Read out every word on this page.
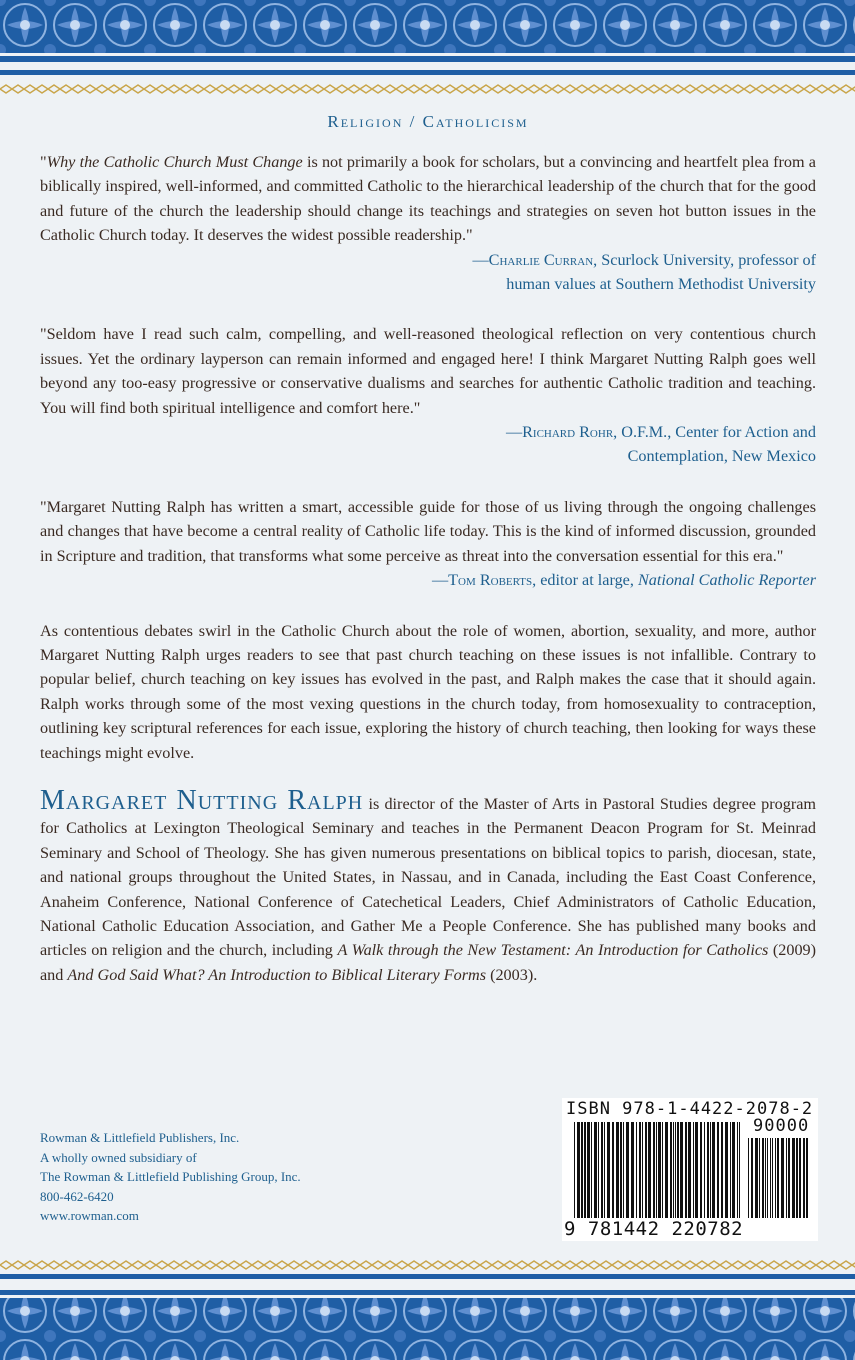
Religion / Catholicism

"Why the Catholic Church Must Change is not primarily a book for scholars, but a convincing and heartfelt plea from a biblically inspired, well-informed, and committed Catholic to the hierarchical leadership of the church that for the good and future of the church the leadership should change its teachings and strategies on seven hot button issues in the Catholic Church today. It deserves the widest possible readership."

—Charlie Curran, Scurlock University, professor of human values at Southern Methodist University

"Seldom have I read such calm, compelling, and well-reasoned theological reflection on very contentious church issues. Yet the ordinary layperson can remain informed and engaged here! I think Margaret Nutting Ralph goes well beyond any too-easy progressive or conservative dualisms and searches for authentic Catholic tradition and teaching. You will find both spiritual intelligence and comfort here."

—Richard Rohr, O.F.M., Center for Action and Contemplation, New Mexico

"Margaret Nutting Ralph has written a smart, accessible guide for those of us living through the ongoing challenges and changes that have become a central reality of Catholic life today. This is the kind of informed discussion, grounded in Scripture and tradition, that transforms what some perceive as threat into the conversation essential for this era."

—Tom Roberts, editor at large, National Catholic Reporter

As contentious debates swirl in the Catholic Church about the role of women, abortion, sexuality, and more, author Margaret Nutting Ralph urges readers to see that past church teaching on these issues is not infallible. Contrary to popular belief, church teaching on key issues has evolved in the past, and Ralph makes the case that it should again. Ralph works through some of the most vexing questions in the church today, from homosexuality to contraception, outlining key scriptural references for each issue, exploring the history of church teaching, then looking for ways these teachings might evolve.

Margaret Nutting Ralph is director of the Master of Arts in Pastoral Studies degree program for Catholics at Lexington Theological Seminary and teaches in the Permanent Deacon Program for St. Meinrad Seminary and School of Theology. She has given numerous presentations on biblical topics to parish, diocesan, state, and national groups throughout the United States, in Nassau, and in Canada, including the East Coast Conference, Anaheim Conference, National Conference of Catechetical Leaders, Chief Administrators of Catholic Education, National Catholic Education Association, and Gather Me a People Conference. She has published many books and articles on religion and the church, including A Walk through the New Testament: An Introduction for Catholics (2009) and And God Said What? An Introduction to Biblical Literary Forms (2003).

Rowman & Littlefield Publishers, Inc.
A wholly owned subsidiary of
The Rowman & Littlefield Publishing Group, Inc.
800-462-6420
www.rowman.com
ISBN 978-1-4422-2078-2
90000
9 781442 220782
